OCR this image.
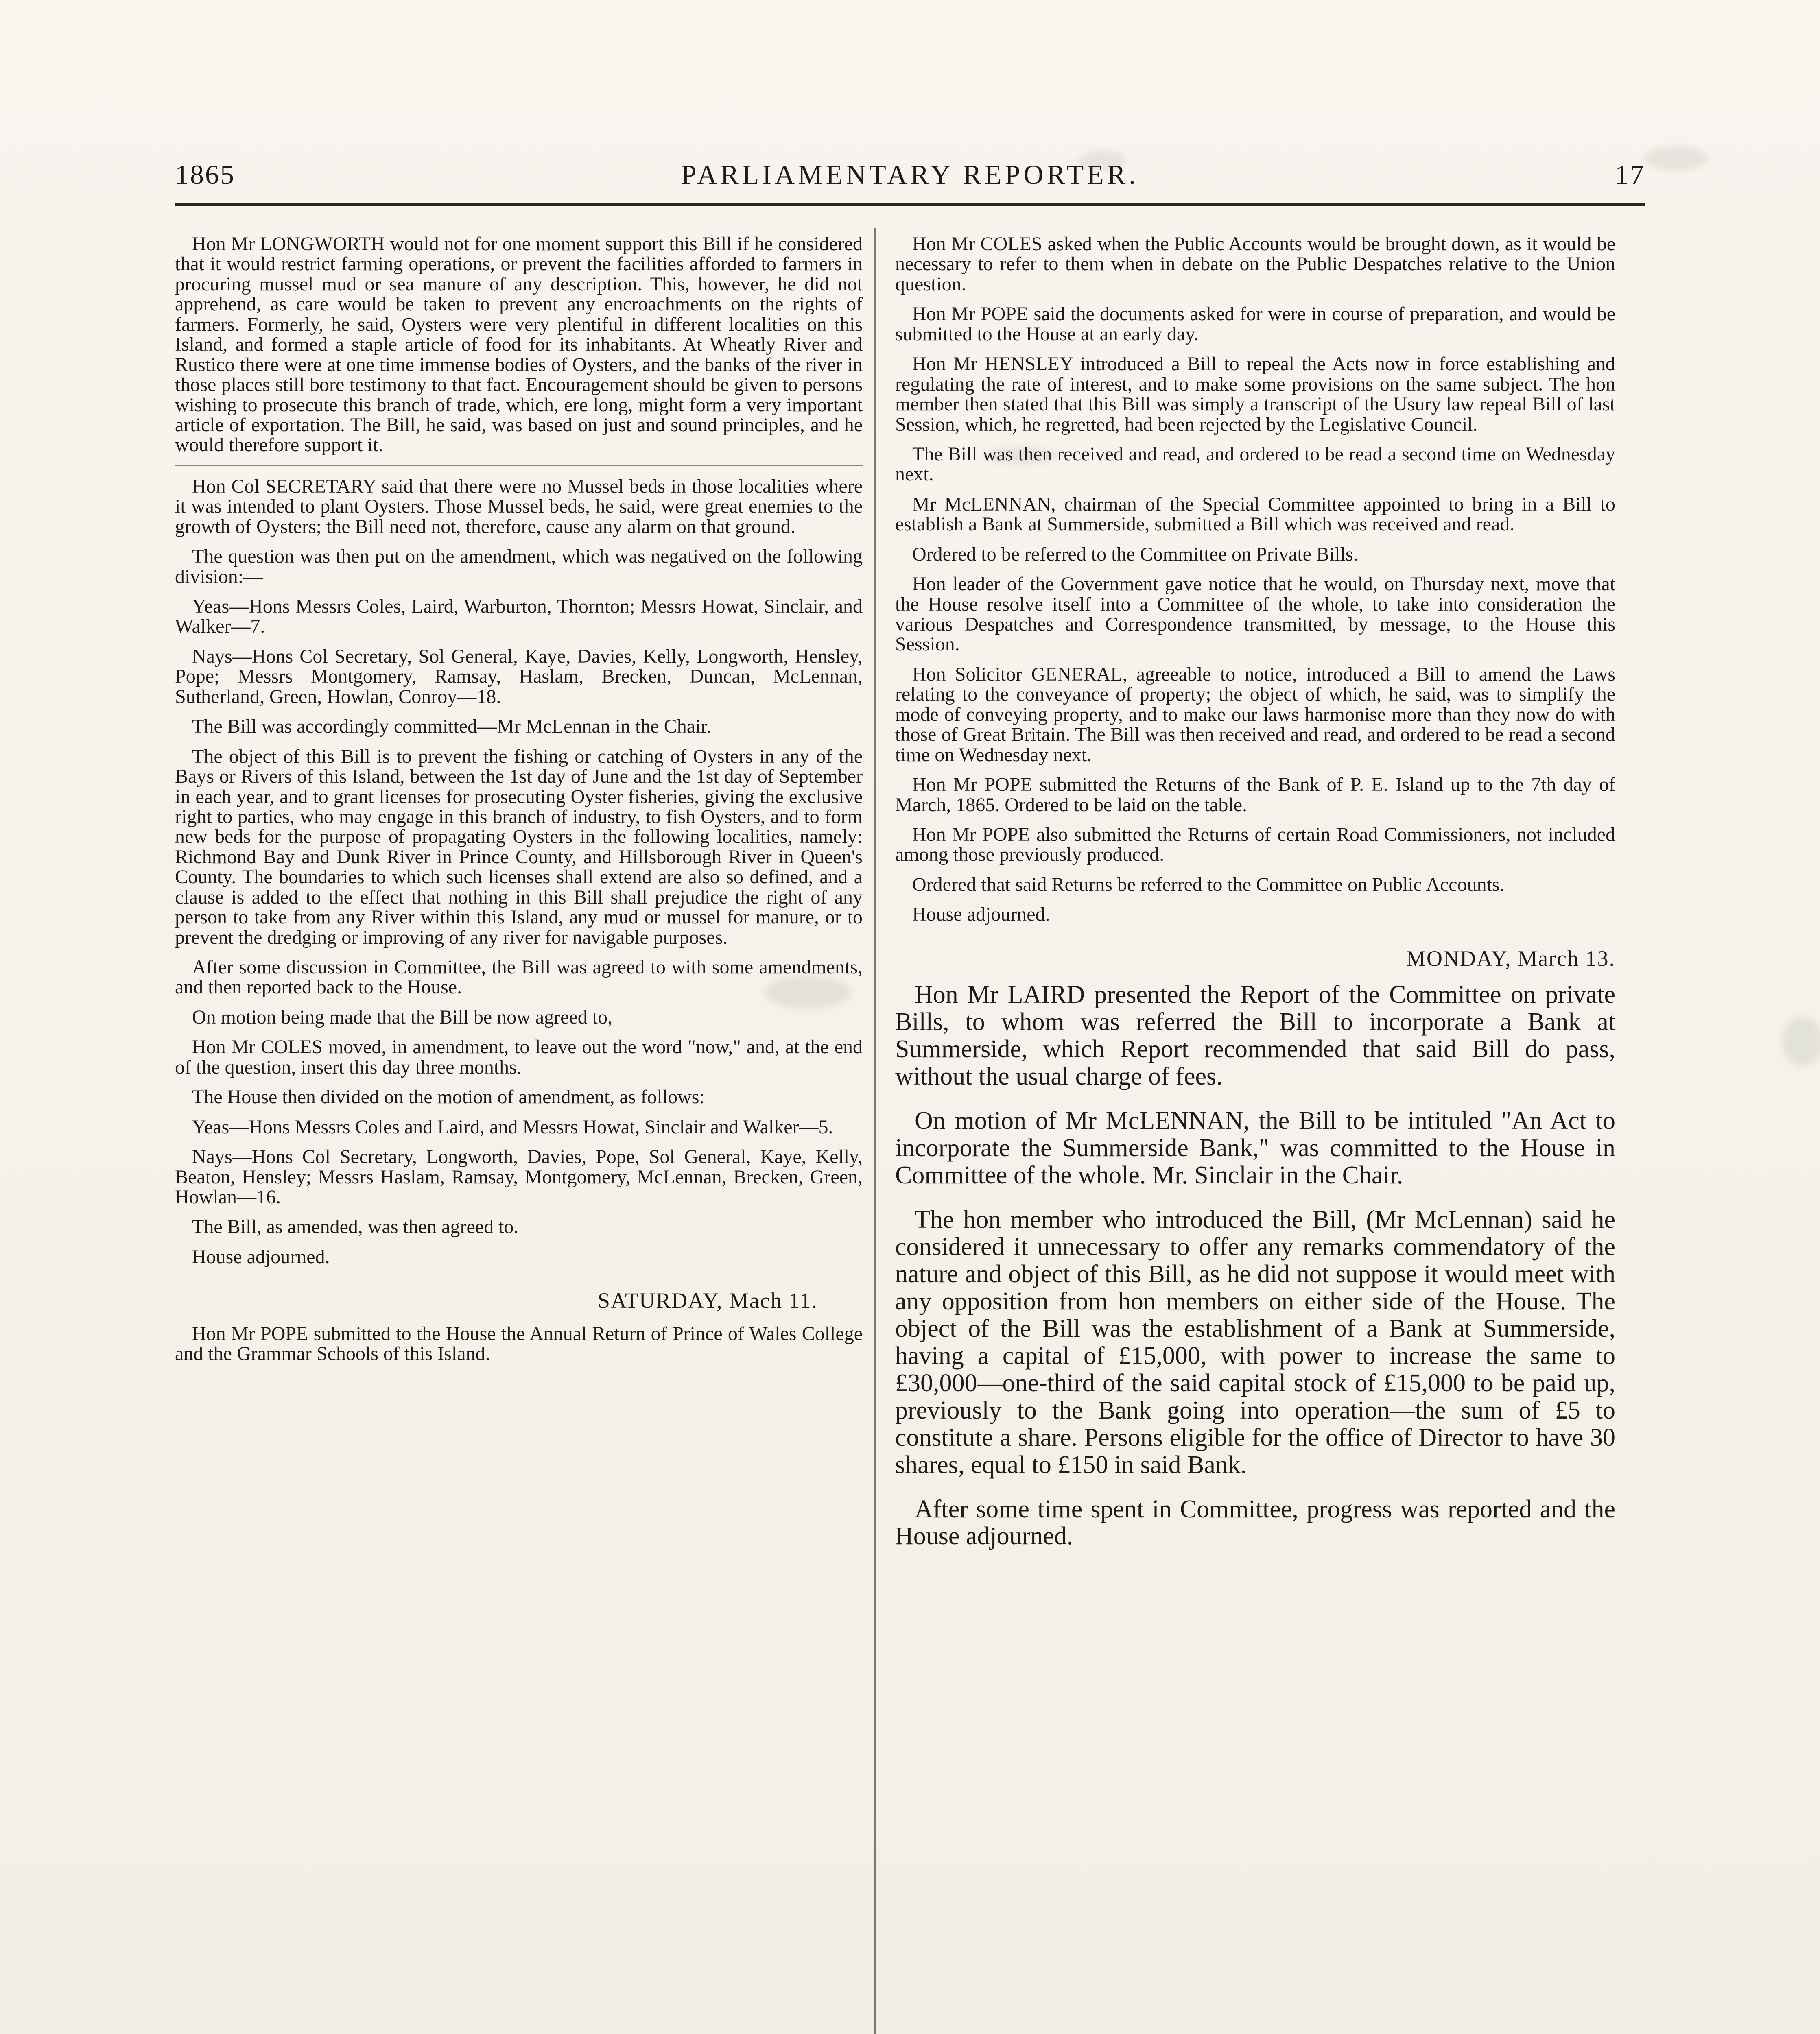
1865	PARLIAMENTARY REPORTER.	17

Hon Mr LONGWORTH would not for one moment support this Bill if he considered that it would restrict farming operations, or prevent the facilities afforded to farmers in procuring mussel mud or sea manure of any description. This, however, he did not apprehend, as care would be taken to prevent any encroachments on the rights of farmers. Formerly, he said, Oysters were very plentiful in different localities on this Island, and formed a staple article of food for its inhabitants. At Wheatly River and Rustico there were at one time immense bodies of Oysters, and the banks of the river in those places still bore testimony to that fact. Encouragement should be given to persons wishing to prosecute this branch of trade, which, ere long, might form a very important article of exportation. The Bill, he said, was based on just and sound principles, and he would therefore support it.

Hon Col SECRETARY said that there were no Mussel beds in those localities where it was intended to plant Oysters. Those Mussel beds, he said, were great enemies to the growth of Oysters; the Bill need not, therefore, cause any alarm on that ground.

The question was then put on the amendment, which was negatived on the following division:—

Yeas—Hons Messrs Coles, Laird, Warburton, Thornton; Messrs Howat, Sinclair, and Walker—7.

Nays—Hons Col Secretary, Sol General, Kaye, Davies, Kelly, Longworth, Hensley, Pope; Messrs Montgomery, Ramsay, Haslam, Brecken, Duncan, McLennan, Sutherland, Green, Howlan, Conroy—18.

The Bill was accordingly committed—Mr McLennan in the Chair.

The object of this Bill is to prevent the fishing or catching of Oysters in any of the Bays or Rivers of this Island, between the 1st day of June and the 1st day of September in each year, and to grant licenses for prosecuting Oyster fisheries, giving the exclusive right to parties, who may engage in this branch of industry, to fish Oysters, and to form new beds for the purpose of propagating Oysters in the following localities, namely: Richmond Bay and Dunk River in Prince County, and Hillsborough River in Queen's County. The boundaries to which such licenses shall extend are also so defined, and a clause is added to the effect that nothing in this Bill shall prejudice the right of any person to take from any River within this Island, any mud or mussel for manure, or to prevent the dredging or improving of any river for navigable purposes.

After some discussion in Committee, the Bill was agreed to with some amendments, and then reported back to the House.

On motion being made that the Bill be now agreed to,

Hon Mr COLES moved, in amendment, to leave out the word "now," and, at the end of the question, insert this day three months.

The House then divided on the motion of amendment, as follows:

Yeas—Hons Messrs Coles and Laird, and Messrs Howat, Sinclair and Walker—5.

Nays—Hons Col Secretary, Longworth, Davies, Pope, Sol General, Kaye, Kelly, Beaton, Hensley; Messrs Haslam, Ramsay, Montgomery, McLennan, Brecken, Green, Howlan—16.

The Bill, as amended, was then agreed to.

House adjourned.

SATURDAY, Mach 11.

Hon Mr POPE submitted to the House the Annual Return of Prince of Wales College and the Grammar Schools of this Island.

Hon Mr COLES asked when the Public Accounts would be brought down, as it would be necessary to refer to them when in debate on the Public Despatches relative to the Union question.

Hon Mr POPE said the documents asked for were in course of preparation, and would be submitted to the House at an early day.

Hon Mr HENSLEY introduced a Bill to repeal the Acts now in force establishing and regulating the rate of interest, and to make some provisions on the same subject. The hon member then stated that this Bill was simply a transcript of the Usury law repeal Bill of last Session, which, he regretted, had been rejected by the Legislative Council.

The Bill was then received and read, and ordered to be read a second time on Wednesday next.

Mr McLENNAN, chairman of the Special Committee appointed to bring in a Bill to establish a Bank at Summerside, submitted a Bill which was received and read.

Ordered to be referred to the Committee on Private Bills.

Hon leader of the Government gave notice that he would, on Thursday next, move that the House resolve itself into a Committee of the whole, to take into consideration the various Despatches and Correspondence transmitted, by message, to the House this Session.

Hon Solicitor GENERAL, agreeable to notice, introduced a Bill to amend the Laws relating to the conveyance of property; the object of which, he said, was to simplify the mode of conveying property, and to make our laws harmonise more than they now do with those of Great Britain. The Bill was then received and read, and ordered to be read a second time on Wednesday next.

Hon Mr POPE submitted the Returns of the Bank of P. E. Island up to the 7th day of March, 1865. Ordered to be laid on the table.

Hon Mr POPE also submitted the Returns of certain Road Commissioners, not included among those previously produced.

Ordered that said Returns be referred to the Committee on Public Accounts.

House adjourned.

MONDAY, March 13.

Hon Mr LAIRD presented the Report of the Committee on private Bills, to whom was referred the Bill to incorporate a Bank at Summerside, which Report recommended that said Bill do pass, without the usual charge of fees.

On motion of Mr McLENNAN, the Bill to be intituled "An Act to incorporate the Summerside Bank," was committed to the House in Committee of the whole. Mr. Sinclair in the Chair.

The hon member who introduced the Bill, (Mr McLennan) said he considered it unnecessary to offer any remarks commendatory of the nature and object of this Bill, as he did not suppose it would meet with any opposition from hon members on either side of the House. The object of the Bill was the establishment of a Bank at Summerside, having a capital of £15,000, with power to increase the same to £30,000—one-third of the said capital stock of £15,000 to be paid up, previously to the Bank going into operation—the sum of £5 to constitute a share. Persons eligible for the office of Director to have 30 shares, equal to £150 in said Bank.

After some time spent in Committee, progress was reported and the House adjourned.
